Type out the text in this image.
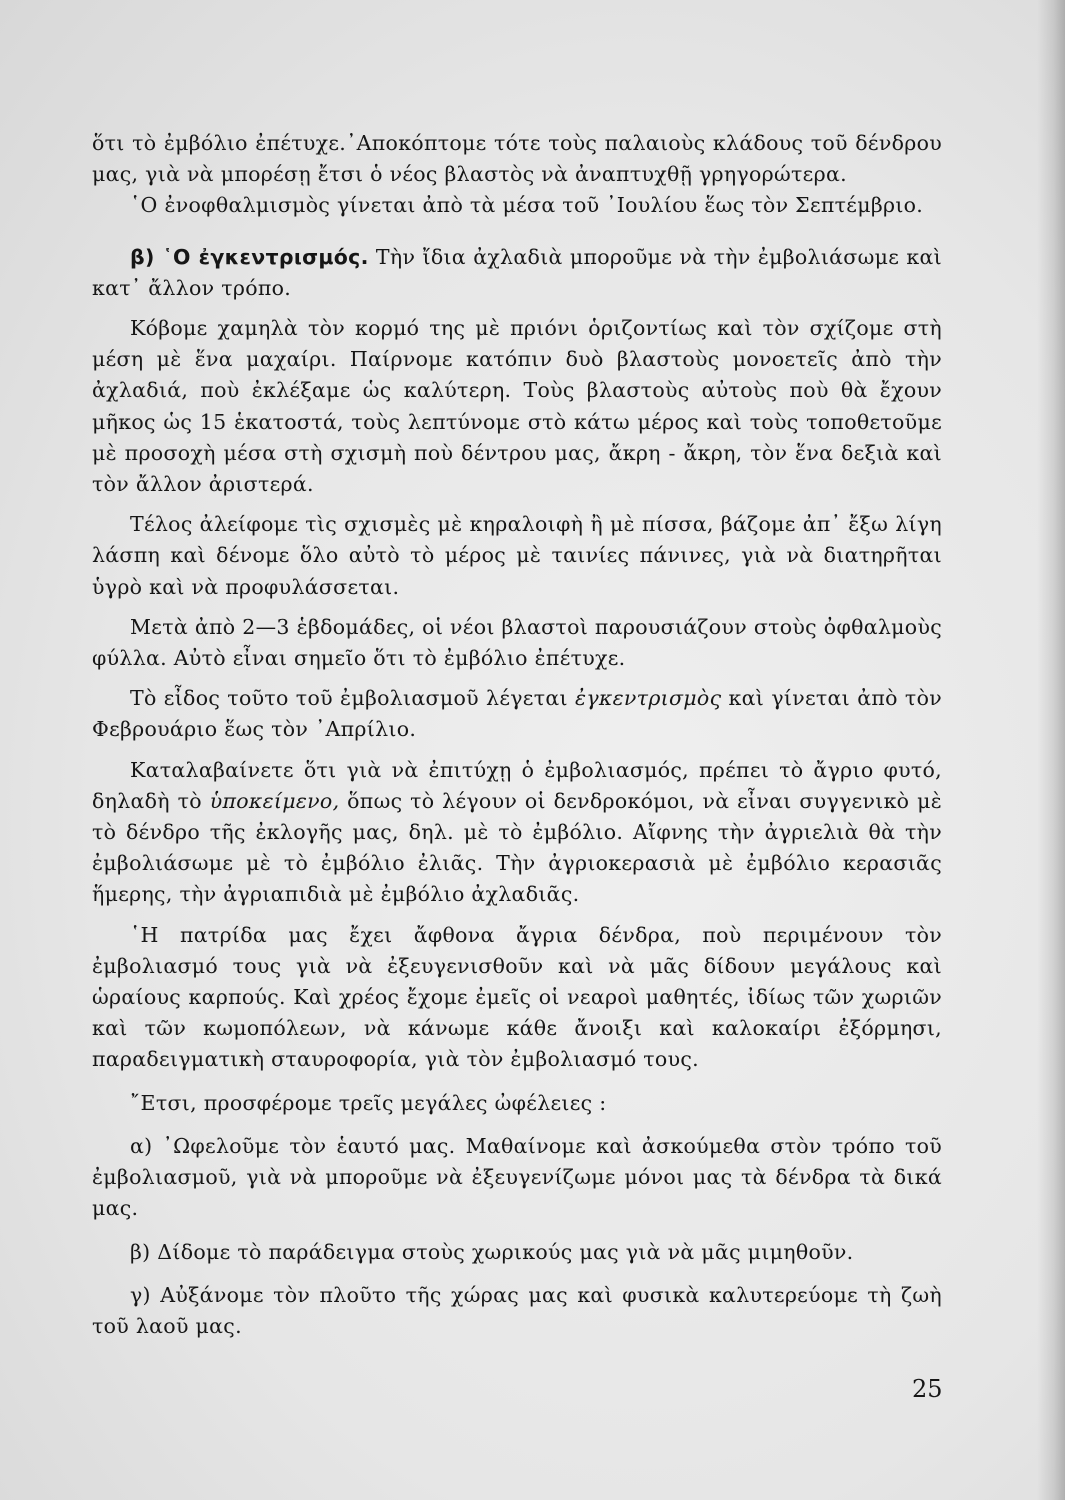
ὅτι τὸ ἐμβόλιο ἐπέτυχε.᾿Αποκόπτομε τότε τοὺς παλαιοὺς κλάδους τοῦ δένδρου μας, γιὰ νὰ μπορέσῃ ἔτσι ὁ νέος βλαστὸς νὰ ἀναπτυχθῇ γρηγορώτερα.

῾Ο ἐνοφθαλμισμὸς γίνεται ἀπὸ τὰ μέσα τοῦ ᾿Ιουλίου ἕως τὸν Σεπτέμβριο.

β) ῾Ο ἐγκεντρισμός. Τὴν ἴδια ἀχλαδιὰ μποροῦμε νὰ τὴν ἐμβολιάσωμε καὶ κατ᾿ ἄλλον τρόπο.

Κόβομε χαμηλὰ τὸν κορμό της μὲ πριόνι ὁριζοντίως καὶ τὸν σχίζομε στὴ μέση μὲ ἕνα μαχαίρι. Παίρνομε κατόπιν δυὸ βλαστοὺς μονοετεῖς ἀπὸ τὴν ἀχλαδιά, ποὺ ἐκλέξαμε ὡς καλύτερη. Τοὺς βλαστοὺς αὐτοὺς ποὺ θὰ ἔχουν μῆκος ὡς 15 ἑκατοστά, τοὺς λεπτύνομε στὸ κάτω μέρος καὶ τοὺς τοποθετοῦμε μὲ προσοχὴ μέσα στὴ σχισμὴ ποὺ δέντρου μας, ἄκρη - ἄκρη, τὸν ἕνα δεξιὰ καὶ τὸν ἄλλον ἀριστερά.

Τέλος ἀλείφομε τὶς σχισμὲς μὲ κηραλοιφὴ ἢ μὲ πίσσα, βάζομε ἀπ᾿ ἔξω λίγη λάσπη καὶ δένομε ὅλο αὐτὸ τὸ μέρος μὲ ταινίες πάνινες, γιὰ νὰ διατηρῆται ὑγρὸ καὶ νὰ προφυλάσσεται.

Μετὰ ἀπὸ 2—3 ἑβδομάδες, οἱ νέοι βλαστοὶ παρουσιάζουν στοὺς ὀφθαλμοὺς φύλλα. Αὐτὸ εἶναι σημεῖο ὅτι τὸ ἐμβόλιο ἐπέτυχε.

Τὸ εἶδος τοῦτο τοῦ ἐμβολιασμοῦ λέγεται ἐγκεντρισμὸς καὶ γίνεται ἀπὸ τὸν Φεβρουάριο ἕως τὸν ᾿Απρίλιο.

Καταλαβαίνετε ὅτι γιὰ νὰ ἐπιτύχῃ ὁ ἐμβολιασμός, πρέπει τὸ ἄγριο φυτό, δηλαδὴ τὸ ὑποκείμενο, ὅπως τὸ λέγουν οἱ δενδροκόμοι, νὰ εἶναι συγγενικὸ μὲ τὸ δένδρο τῆς ἐκλογῆς μας, δηλ. μὲ τὸ ἐμβόλιο. Αἴφνης τὴν ἀγριελιὰ θὰ τὴν ἐμβολιάσωμε μὲ τὸ ἐμβόλιο ἐλιᾶς. Τὴν ἀγριοκερασιὰ μὲ ἐμβόλιο κερασιᾶς ἥμερης, τὴν ἀγριαπιδιὰ μὲ ἐμβόλιο ἀχλαδιᾶς.

῾Η πατρίδα μας ἔχει ἄφθονα ἄγρια δένδρα, ποὺ περιμένουν τὸν ἐμβολιασμό τους γιὰ νὰ ἐξευγενισθοῦν καὶ νὰ μᾶς δίδουν μεγάλους καὶ ὡραίους καρπούς. Καὶ χρέος ἔχομε ἐμεῖς οἱ νεαροὶ μαθητές, ἰδίως τῶν χωριῶν καὶ τῶν κωμοπόλεων, νὰ κάνωμε κάθε ἄνοιξι καὶ καλοκαίρι ἐξόρμησι, παραδειγματικὴ σταυροφορία, γιὰ τὸν ἐμβολιασμό τους.

῎Ετσι, προσφέρομε τρεῖς μεγάλες ὠφέλειες :

α) ᾿Ωφελοῦμε τὸν ἑαυτό μας. Μαθαίνομε καὶ ἀσκούμεθα στὸν τρόπο τοῦ ἐμβολιασμοῦ, γιὰ νὰ μποροῦμε νὰ ἐξευγενίζωμε μόνοι μας τὰ δένδρα τὰ δικά μας.

β) Δίδομε τὸ παράδειγμα στοὺς χωρικούς μας γιὰ νὰ μᾶς μιμηθοῦν.

γ) Αὐξάνομε τὸν πλοῦτο τῆς χώρας μας καὶ φυσικὰ καλυτερεύομε τὴ ζωὴ τοῦ λαοῦ μας.

25
